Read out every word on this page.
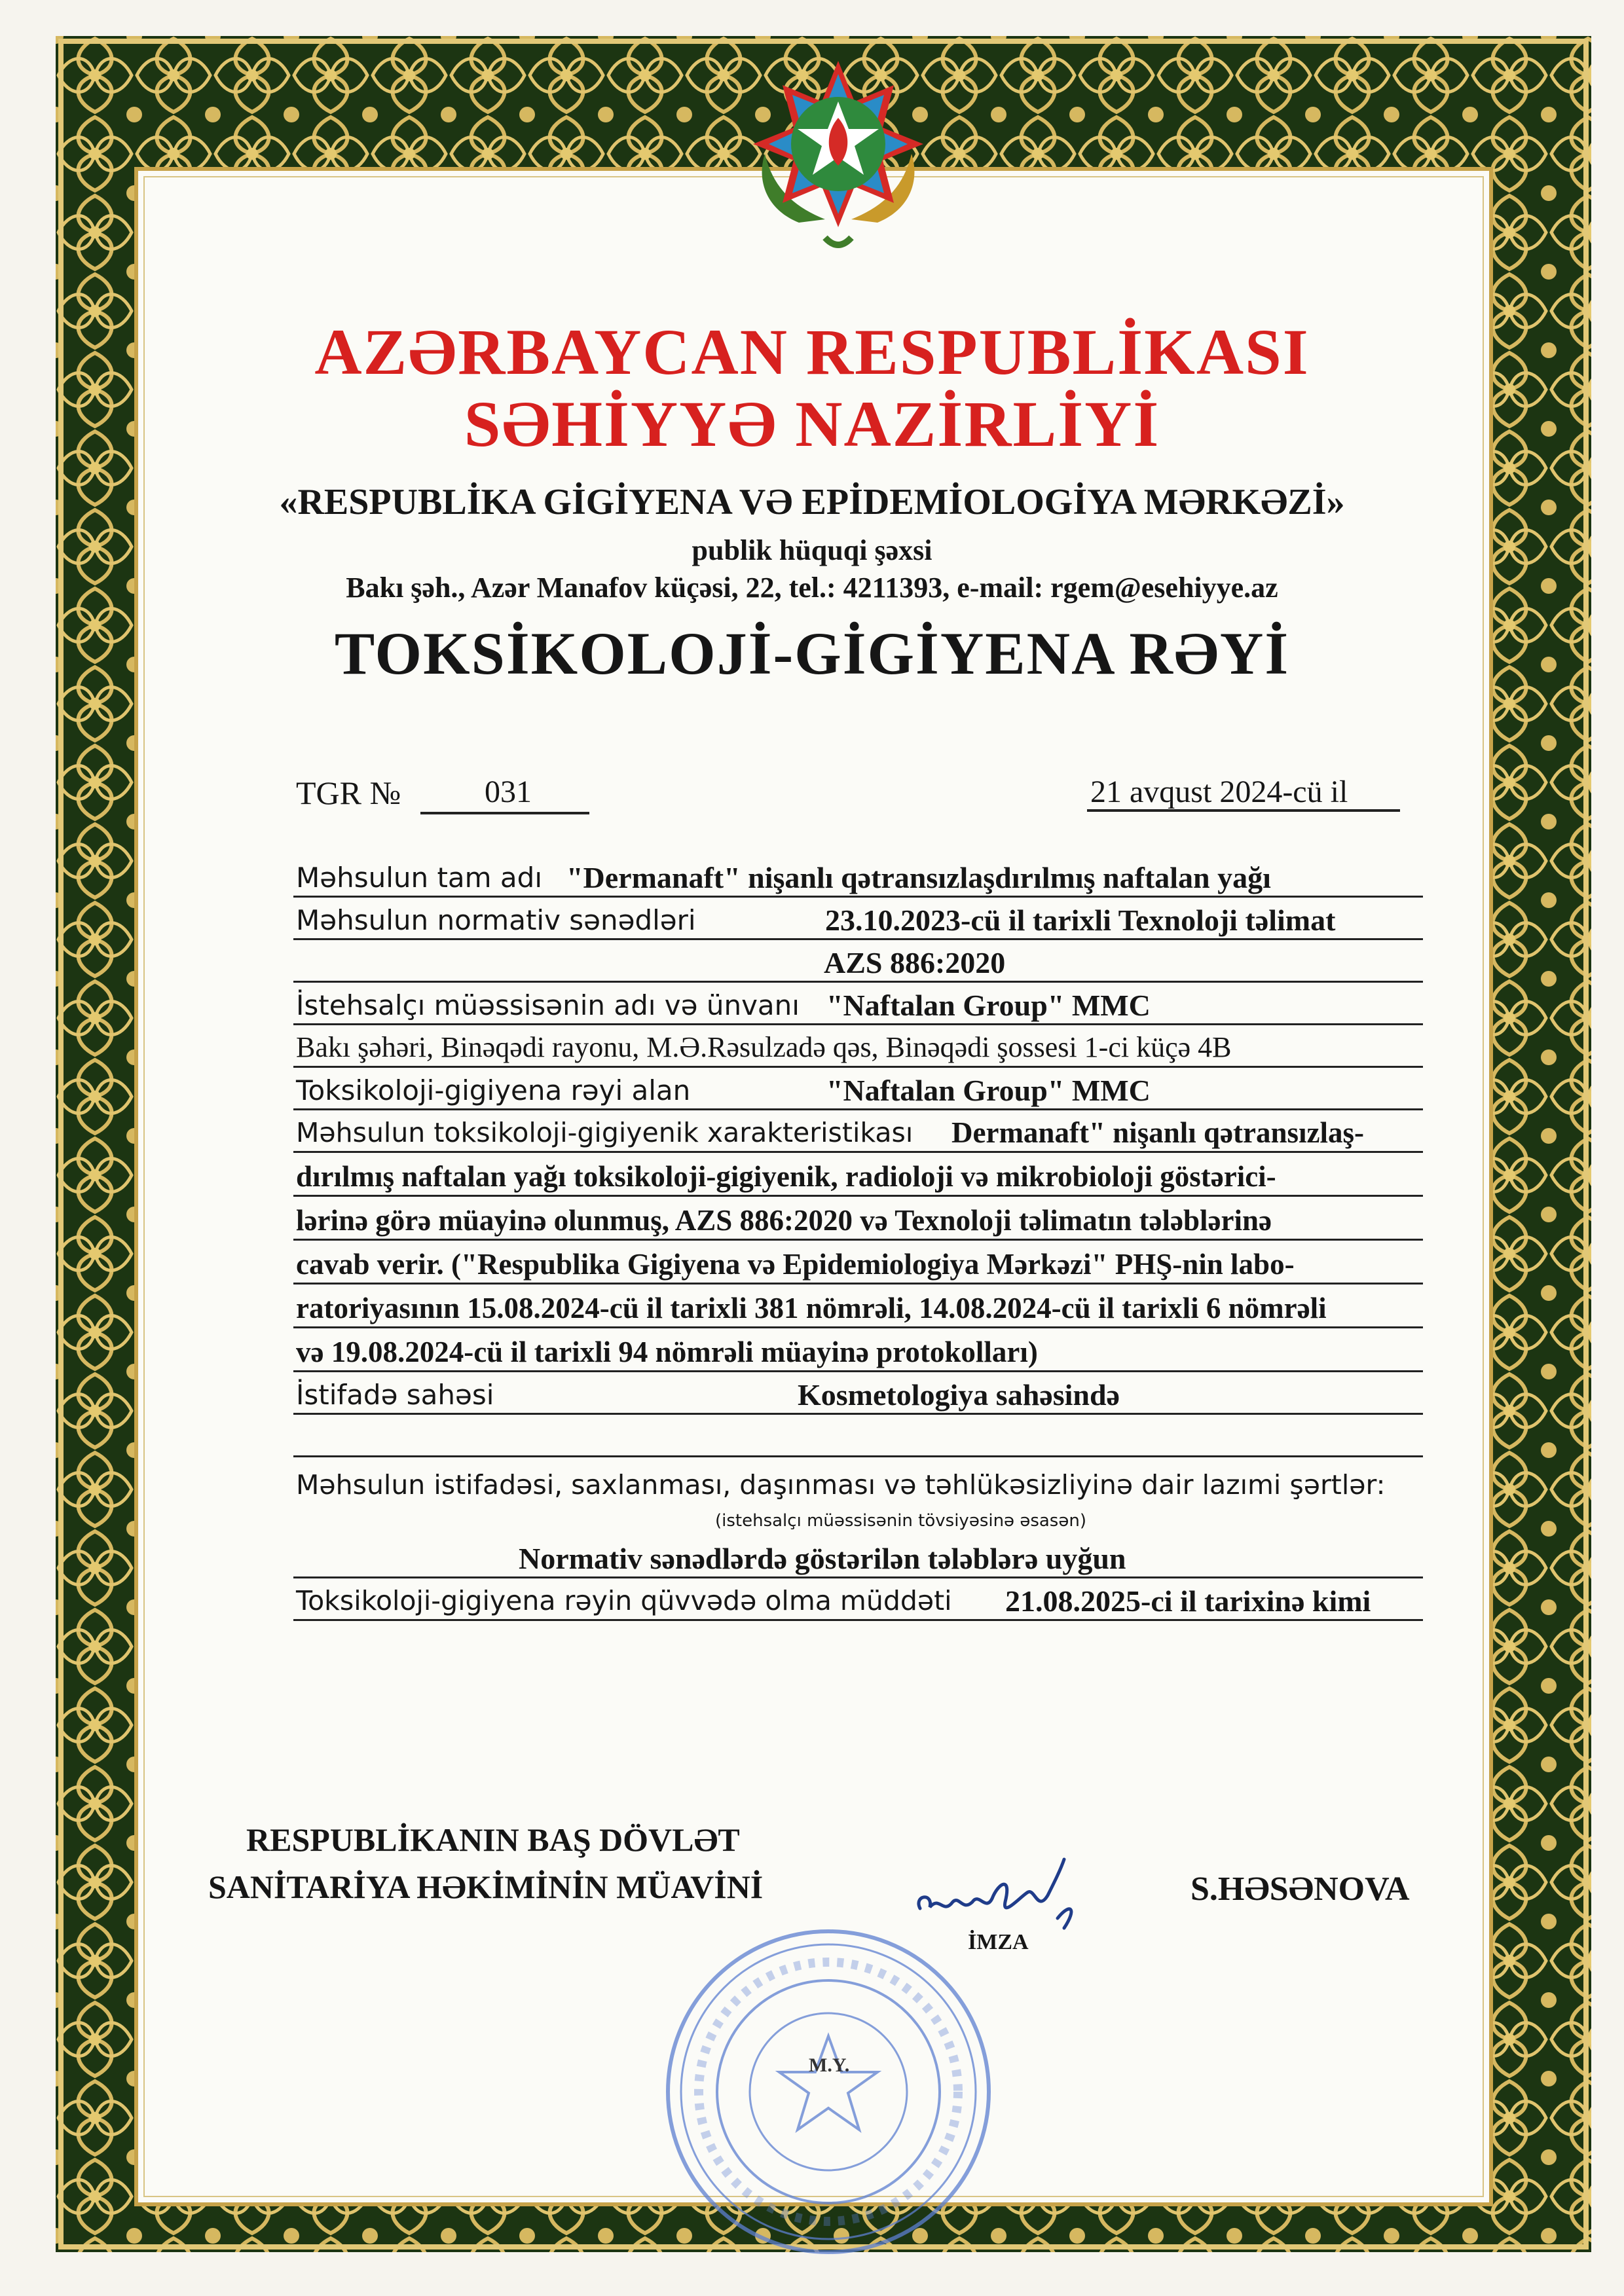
AZƏRBAYCAN RESPUBLİKASI
SƏHİYYƏ NAZİRLİYİ
«RESPUBLİKA GİGİYENA VƏ EPİDEMİOLOGİYA MƏRKƏZİ»
publik hüquqi şəxsi
Bakı şəh., Azər Manafov küçəsi, 22, tel.: 4211393, e-mail: rgem@esehiyye.az
TOKSİKOLOJİ-GİGİYENA RƏYİ
TGR №	031	21 avqust 2024-cü il
Məhsulun tam adı "Dermanaft" nişanlı qətransızlaşdırılmış naftalan yağı
Məhsulun normativ sənədləri	23.10.2023-cü il tarixli Texnoloji təlimat
AZS 886:2020
İstehsalçı müəssisənin adı və ünvanı "Naftalan Group" MMC
Bakı şəhəri, Binəqədi rayonu, M.Ə.Rəsulzadə qəs, Binəqədi şossesi 1-ci küçə 4B
Toksikoloji-gigiyena rəyi alan	"Naftalan Group" MMC
Məhsulun toksikoloji-gigiyenik xarakteristikası Dermanaft" nişanlı qətransızlaş-
dırılmış naftalan yağı toksikoloji-gigiyenik, radioloji və mikrobioloji göstərici-
lərinə görə müayinə olunmuş, AZS 886:2020 və Texnoloji təlimatın tələblərinə
cavab verir. ("Respublika Gigiyena və Epidemiologiya Mərkəzi" PHŞ-nin labo-
ratoriyasının 15.08.2024-cü il tarixli 381 nömrəli, 14.08.2024-cü il tarixli 6 nömrəli
və 19.08.2024-cü il tarixli 94 nömrəli müayinə protokolları)
İstifadə sahəsi	Kosmetologiya sahəsində
Məhsulun istifadəsi, saxlanması, daşınması və təhlükəsizliyinə dair lazımi şərtlər:
(istehsalçı müəssisənin tövsiyəsinə əsasən)
Normativ sənədlərdə göstərilən tələblərə uyğun
Toksikoloji-gigiyena rəyin qüvvədə olma müddəti 21.08.2025-ci il tarixinə kimi
RESPUBLİKANIN BAŞ DÖVLƏT
SANİTARİYA HƏKİMİNİN MÜAVİNİ
İMZA
S.HƏSƏNOVA
M.Y.
